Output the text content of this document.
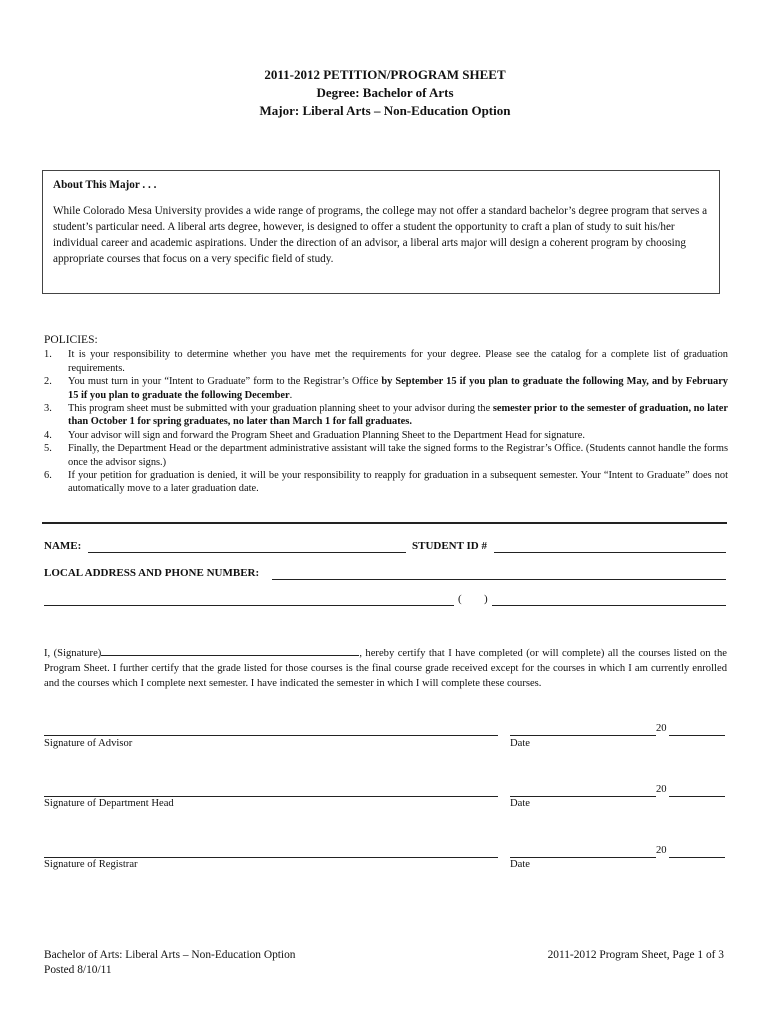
2011-2012 PETITION/PROGRAM SHEET
Degree: Bachelor of Arts
Major: Liberal Arts – Non-Education Option
About This Major . . .
While Colorado Mesa University provides a wide range of programs, the college may not offer a standard bachelor’s degree program that serves a student’s particular need. A liberal arts degree, however, is designed to offer a student the opportunity to craft a plan of study to suit his/her individual career and academic aspirations. Under the direction of an advisor, a liberal arts major will design a coherent program by choosing appropriate courses that focus on a very specific field of study.
POLICIES:
1.	It is your responsibility to determine whether you have met the requirements for your degree. Please see the catalog for a complete list of graduation requirements.
2.	You must turn in your “Intent to Graduate” form to the Registrar’s Office by September 15 if you plan to graduate the following May, and by February 15 if you plan to graduate the following December.
3.	This program sheet must be submitted with your graduation planning sheet to your advisor during the semester prior to the semester of graduation, no later than October 1 for spring graduates, no later than March 1 for fall graduates.
4.	Your advisor will sign and forward the Program Sheet and Graduation Planning Sheet to the Department Head for signature.
5.	Finally, the Department Head or the department administrative assistant will take the signed forms to the Registrar’s Office. (Students cannot handle the forms once the advisor signs.)
6.	If your petition for graduation is denied, it will be your responsibility to reapply for graduation in a subsequent semester. Your “Intent to Graduate” does not automatically move to a later graduation date.
NAME:	STUDENT ID #
LOCAL ADDRESS AND PHONE NUMBER:
( )
I, (Signature)	, hereby certify that I have completed (or will complete) all the courses listed on the Program Sheet. I further certify that the grade listed for those courses is the final course grade received except for the courses in which I am currently enrolled and the courses which I complete next semester. I have indicated the semester in which I will complete these courses.
Signature of Advisor
20
Date
Signature of Department Head
20
Date
Signature of Registrar
20
Date
Bachelor of Arts: Liberal Arts – Non-Education Option
Posted 8/10/11
2011-2012 Program Sheet, Page 1 of 3
